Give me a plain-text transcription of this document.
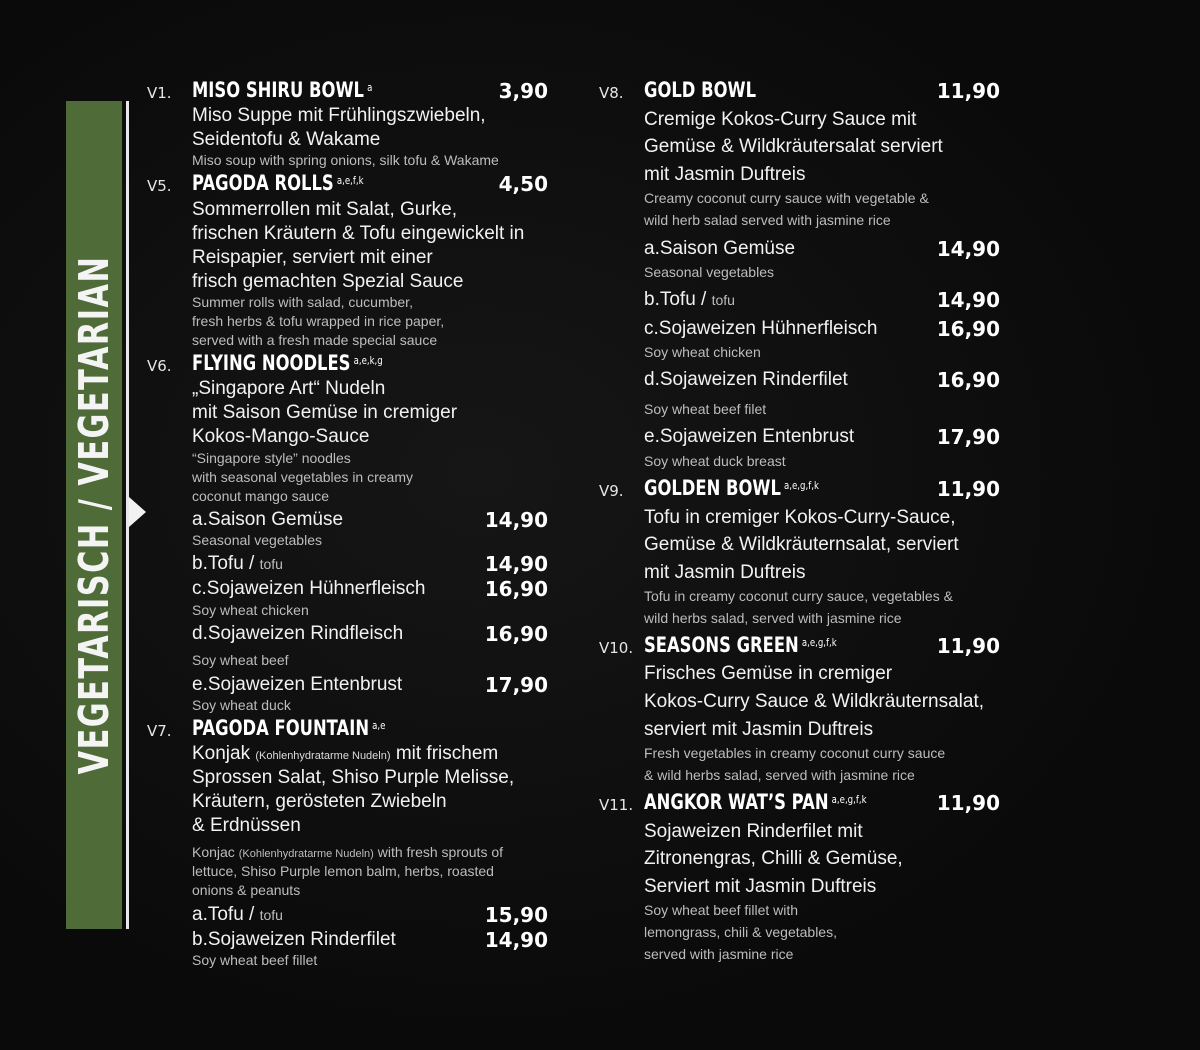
VEGETARISCH / VEGETARIAN
V1. MISO SHIRU BOWL $^a$	3,90
Miso Suppe mit Frühlingszwiebeln,
Seidentofu & Wakame
Miso soup with spring onions, silk tofu & Wakame
V5. PAGODA ROLLS $^{a,e,f,k}$	4,50
Sommerrollen mit Salat, Gurke,
frischen Kräutern & Tofu eingewickelt in
Reispapier, serviert mit einer
frisch gemachten Spezial Sauce
Summer rolls with salad, cucumber,
fresh herbs & tofu wrapped in rice paper,
served with a fresh made special sauce
V6. FLYING NOODLES $^{a,e,k,g}$
„Singapore Art“ Nudeln
mit Saison Gemüse in cremiger
Kokos-Mango-Sauce
“Singapore style” noodles
with seasonal vegetables in creamy
coconut mango sauce
a.Saison Gemüse	14,90
Seasonal vegetables
b.Tofu / tofu	14,90
c.Sojaweizen Hühnerfleisch	16,90
Soy wheat chicken
d.Sojaweizen Rindfleisch	16,90
Soy wheat beef
e.Sojaweizen Entenbrust	17,90
Soy wheat duck
V7. PAGODA FOUNTAIN $^{a,e}$
Konjak (Kohlenhydratarme Nudeln) mit frischem
Sprossen Salat, Shiso Purple Melisse,
Kräutern, gerösteten Zwiebeln
& Erdnüssen
Konjac (Kohlenhydratarme Nudeln) with fresh sprouts of
lettuce, Shiso Purple lemon balm, herbs, roasted
onions & peanuts
a.Tofu / tofu	15,90
b.Sojaweizen Rinderfilet	14,90
Soy wheat beef fillet
V8. GOLD BOWL	11,90
Cremige Kokos-Curry Sauce mit
Gemüse & Wildkräutersalat serviert
mit Jasmin Duftreis
Creamy coconut curry sauce with vegetable &
wild herb salad served with jasmine rice
a.Saison Gemüse	14,90
Seasonal vegetables
b.Tofu / tofu	14,90
c.Sojaweizen Hühnerfleisch	16,90
Soy wheat chicken
d.Sojaweizen Rinderfilet	16,90
Soy wheat beef filet
e.Sojaweizen Entenbrust	17,90
Soy wheat duck breast
V9. GOLDEN BOWL $^{a,e,g,f,k}$	11,90
Tofu in cremiger Kokos-Curry-Sauce,
Gemüse & Wildkräuternsalat, serviert
mit Jasmin Duftreis
Tofu in creamy coconut curry sauce, vegetables &
wild herbs salad, served with jasmine rice
V10. SEASONS GREEN $^{a,e,g,f,k}$	11,90
Frisches Gemüse in cremiger
Kokos-Curry Sauce & Wildkräuternsalat,
serviert mit Jasmin Duftreis
Fresh vegetables in creamy coconut curry sauce
& wild herbs salad, served with jasmine rice
V11. ANGKOR WAT’S PAN $^{a,e,g,f,k}$	11,90
Sojaweizen Rinderfilet mit
Zitronengras, Chilli & Gemüse,
Serviert mit Jasmin Duftreis
Soy wheat beef fillet with
lemongrass, chili & vegetables,
served with jasmine rice
